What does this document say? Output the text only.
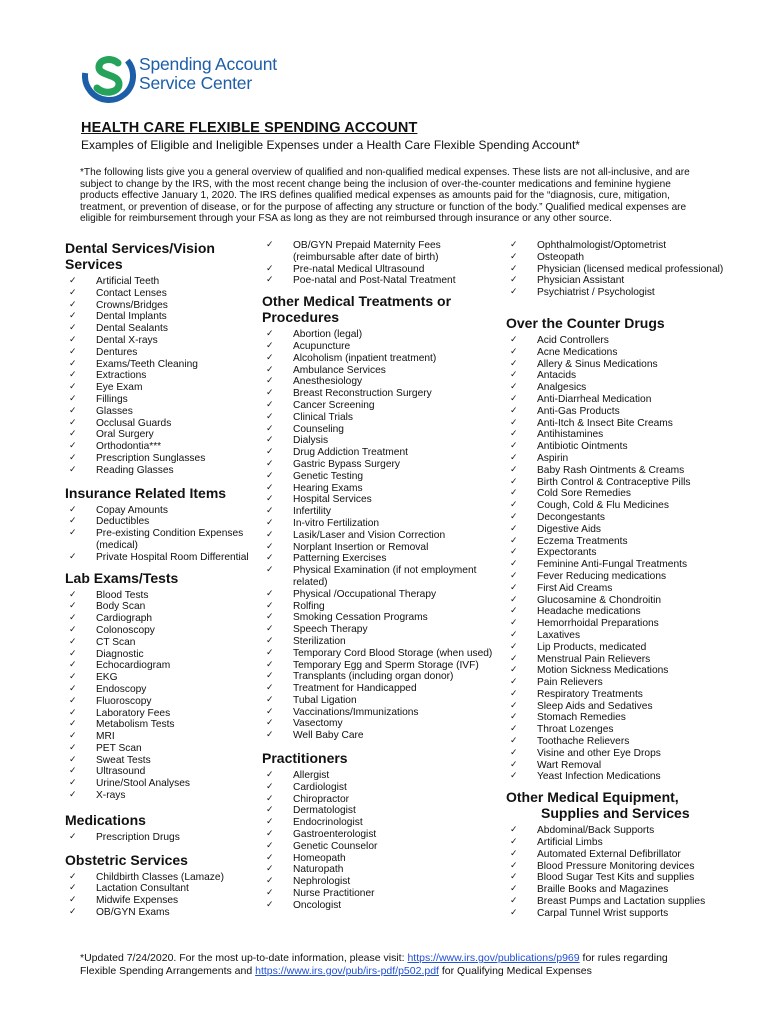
Spending Account
Service Center
HEALTH CARE FLEXIBLE SPENDING ACCOUNT
Examples of Eligible and Ineligible Expenses under a Health Care Flexible Spending Account*
*The following lists give you a general overview of qualified and non-qualified medical expenses. These lists are not all-inclusive, and are subject to change by the IRS, with the most recent change being the inclusion of over-the-counter medications and feminine hygiene products effective January 1, 2020. The IRS defines qualified medical expenses as amounts paid for the “diagnosis, cure, mitigation, treatment, or prevention of disease, or for the purpose of affecting any structure or function of the body.” Qualified medical expenses are eligible for reimbursement through your FSA as long as they are not reimbursed through insurance or any other source.
Dental Services/Vision
Services
✓ Artificial Teeth
✓ Contact Lenses
✓ Crowns/Bridges
✓ Dental Implants
✓ Dental Sealants
✓ Dental X-rays
✓ Dentures
✓ Exams/Teeth Cleaning
✓ Extractions
✓ Eye Exam
✓ Fillings
✓ Glasses
✓ Occlusal Guards
✓ Oral Surgery
✓ Orthodontia***
✓ Prescription Sunglasses
✓ Reading Glasses
Insurance Related Items
✓ Copay Amounts
✓ Deductibles
✓ Pre-existing Condition Expenses (medical)
✓ Private Hospital Room Differential
Lab Exams/Tests
✓ Blood Tests
✓ Body Scan
✓ Cardiograph
✓ Colonoscopy
✓ CT Scan
✓ Diagnostic
✓ Echocardiogram
✓ EKG
✓ Endoscopy
✓ Fluoroscopy
✓ Laboratory Fees
✓ Metabolism Tests
✓ MRI
✓ PET Scan
✓ Sweat Tests
✓ Ultrasound
✓ Urine/Stool Analyses
✓ X-rays
Medications
✓ Prescription Drugs
Obstetric Services
✓ Childbirth Classes (Lamaze)
✓ Lactation Consultant
✓ Midwife Expenses
✓ OB/GYN Exams
✓ OB/GYN Prepaid Maternity Fees
(reimbursable after date of birth)
✓ Pre-natal Medical Ultrasound
✓ Poe-natal and Post-Natal Treatment
Other Medical Treatments or
Procedures
✓ Abortion (legal)
✓ Acupuncture
✓ Alcoholism (inpatient treatment)
✓ Ambulance Services
✓ Anesthesiology
✓ Breast Reconstruction Surgery
✓ Cancer Screening
✓ Clinical Trials
✓ Counseling
✓ Dialysis
✓ Drug Addiction Treatment
✓ Gastric Bypass Surgery
✓ Genetic Testing
✓ Hearing Exams
✓ Hospital Services
✓ Infertility
✓ In-vitro Fertilization
✓ Lasik/Laser and Vision Correction
✓ Norplant Insertion or Removal
✓ Patterning Exercises
✓ Physical Examination (if not employment
related)
✓ Physical /Occupational Therapy
✓ Rolfing
✓ Smoking Cessation Programs
✓ Speech Therapy
✓ Sterilization
✓ Temporary Cord Blood Storage (when used)
✓ Temporary Egg and Sperm Storage (IVF)
✓ Transplants (including organ donor)
✓ Treatment for Handicapped
✓ Tubal Ligation
✓ Vaccinations/Immunizations
✓ Vasectomy
✓ Well Baby Care
Practitioners
✓ Allergist
✓ Cardiologist
✓ Chiropractor
✓ Dermatologist
✓ Endocrinologist
✓ Gastroenterologist
✓ Genetic Counselor
✓ Homeopath
✓ Naturopath
✓ Nephrologist
✓ Nurse Practitioner
✓ Oncologist
✓ Ophthalmologist/Optometrist
✓ Osteopath
✓ Physician (licensed medical professional)
✓ Physician Assistant
✓ Psychiatrist / Psychologist
Over the Counter Drugs
✓ Acid Controllers
✓ Acne Medications
✓ Allery & Sinus Medications
✓ Antacids
✓ Analgesics
✓ Anti-Diarrheal Medication
✓ Anti-Gas Products
✓ Anti-Itch & Insect Bite Creams
✓ Antihistamines
✓ Antibiotic Ointments
✓ Aspirin
✓ Baby Rash Ointments & Creams
✓ Birth Control & Contraceptive Pills
✓ Cold Sore Remedies
✓ Cough, Cold & Flu Medicines
✓ Decongestants
✓ Digestive Aids
✓ Eczema Treatments
✓ Expectorants
✓ Feminine Anti-Fungal Treatments
✓ Fever Reducing medications
✓ First Aid Creams
✓ Glucosamine & Chondroitin
✓ Headache medications
✓ Hemorrhoidal Preparations
✓ Laxatives
✓ Lip Products, medicated
✓ Menstrual Pain Relievers
✓ Motion Sickness Medications
✓ Pain Relievers
✓ Respiratory Treatments
✓ Sleep Aids and Sedatives
✓ Stomach Remedies
✓ Throat Lozenges
✓ Toothache Relievers
✓ Visine and other Eye Drops
✓ Wart Removal
✓ Yeast Infection Medications
Other Medical Equipment,
Supplies and Services
✓ Abdominal/Back Supports
✓ Artificial Limbs
✓ Automated External Defibrillator
✓ Blood Pressure Monitoring devices
✓ Blood Sugar Test Kits and supplies
✓ Braille Books and Magazines
✓ Breast Pumps and Lactation supplies
✓ Carpal Tunnel Wrist supports
*Updated 7/24/2020. For the most up-to-date information, please visit: https://www.irs.gov/publications/p969 for rules regarding Flexible Spending Arrangements and https://www.irs.gov/pub/irs-pdf/p502.pdf for Qualifying Medical Expenses
